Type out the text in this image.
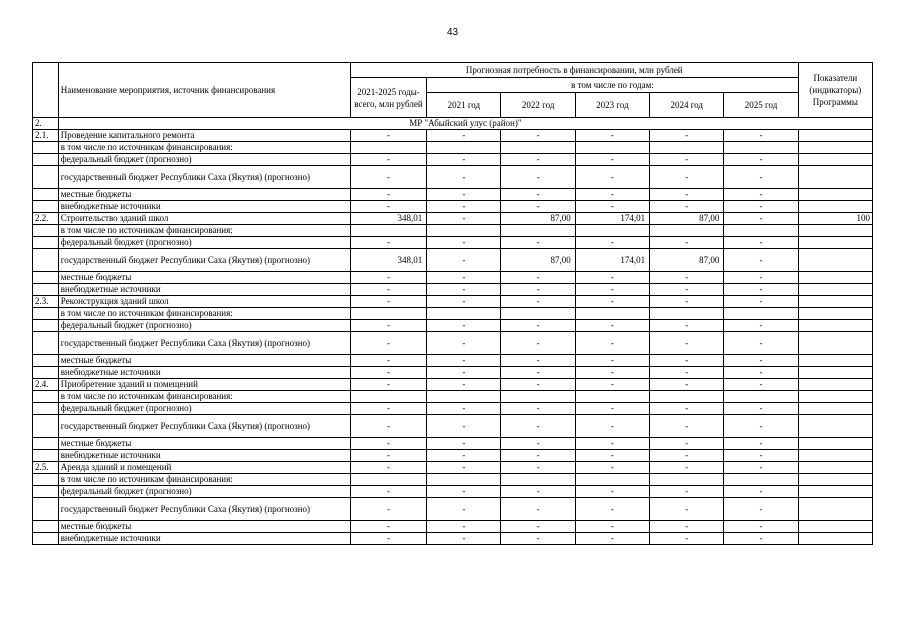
43
	Наименование мероприятия, источник финансирования	Прогнозная потребность в финансировании, млн рублей						Показатели (индикаторы) Программы
		2021-2025 годы- всего, млн рублей	в том числе по годам:					
			2021 год	2022 год	2023 год	2024 год	2025 год	
2.	МР "Абыйский улус (район)"							
2.1.	Проведение капитального ремонта	-	-	-	-	-	-	
	в том числе по источникам финансирования:							
	федеральный бюджет (прогнозно)	-	-	-	-	-	-	
	государственный бюджет Республики Саха (Якутия) (прогнозно)	-	-	-	-	-	-	
	местные бюджеты	-	-	-	-	-	-	
	внебюджетные источники	-	-	-	-	-	-	
2.2.	Строительство зданий школ	348,01	-	87,00	174,01	87,00	-	100
	в том числе по источникам финансирования:							
	федеральный бюджет (прогнозно)	-	-	-	-	-	-	
	государственный бюджет Республики Саха (Якутия) (прогнозно)	348,01	-	87,00	174,01	87,00	-	
	местные бюджеты	-	-	-	-	-	-	
	внебюджетные источники	-	-	-	-	-	-	
2.3.	Реконструкция зданий школ	-	-	-	-	-	-	
	в том числе по источникам финансирования:							
	федеральный бюджет (прогнозно)	-	-	-	-	-	-	
	государственный бюджет Республики Саха (Якутия) (прогнозно)	-	-	-	-	-	-	
	местные бюджеты	-	-	-	-	-	-	
	внебюджетные источники	-	-	-	-	-	-	
2.4.	Приобретение зданий и помещений	-	-	-	-	-	-	
	в том числе по источникам финансирования:							
	федеральный бюджет (прогнозно)	-	-	-	-	-	-	
	государственный бюджет Республики Саха (Якутия) (прогнозно)	-	-	-	-	-	-	
	местные бюджеты	-	-	-	-	-	-	
	внебюджетные источники	-	-	-	-	-	-	
2.5.	Аренда зданий и помещений	-	-	-	-	-	-	
	в том числе по источникам финансирования:							
	федеральный бюджет (прогнозно)	-	-	-	-	-	-	
	государственный бюджет Республики Саха (Якутия) (прогнозно)	-	-	-	-	-	-	
	местные бюджеты	-	-	-	-	-	-	
	внебюджетные источники	-	-	-	-	-	-	
